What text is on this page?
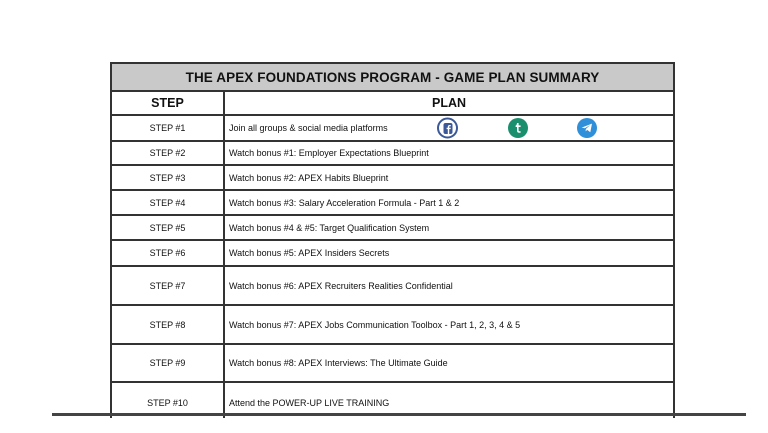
THE APEX FOUNDATIONS PROGRAM - GAME PLAN SUMMARY
STEP	PLAN
STEP #1	Join all groups & social media platforms
STEP #2	Watch bonus #1: Employer Expectations Blueprint
STEP #3	Watch bonus #2: APEX Habits Blueprint
STEP #4	Watch bonus #3: Salary Acceleration Formula - Part 1 & 2
STEP #5	Watch bonus #4 & #5: Target Qualification System
STEP #6	Watch bonus #5: APEX Insiders Secrets
STEP #7	Watch bonus #6: APEX Recruiters Realities Confidential
STEP #8	Watch bonus #7: APEX Jobs Communication Toolbox - Part 1, 2, 3, 4 & 5
STEP #9	Watch bonus #8: APEX Interviews: The Ultimate Guide
STEP #10	Attend the POWER-UP LIVE TRAINING
